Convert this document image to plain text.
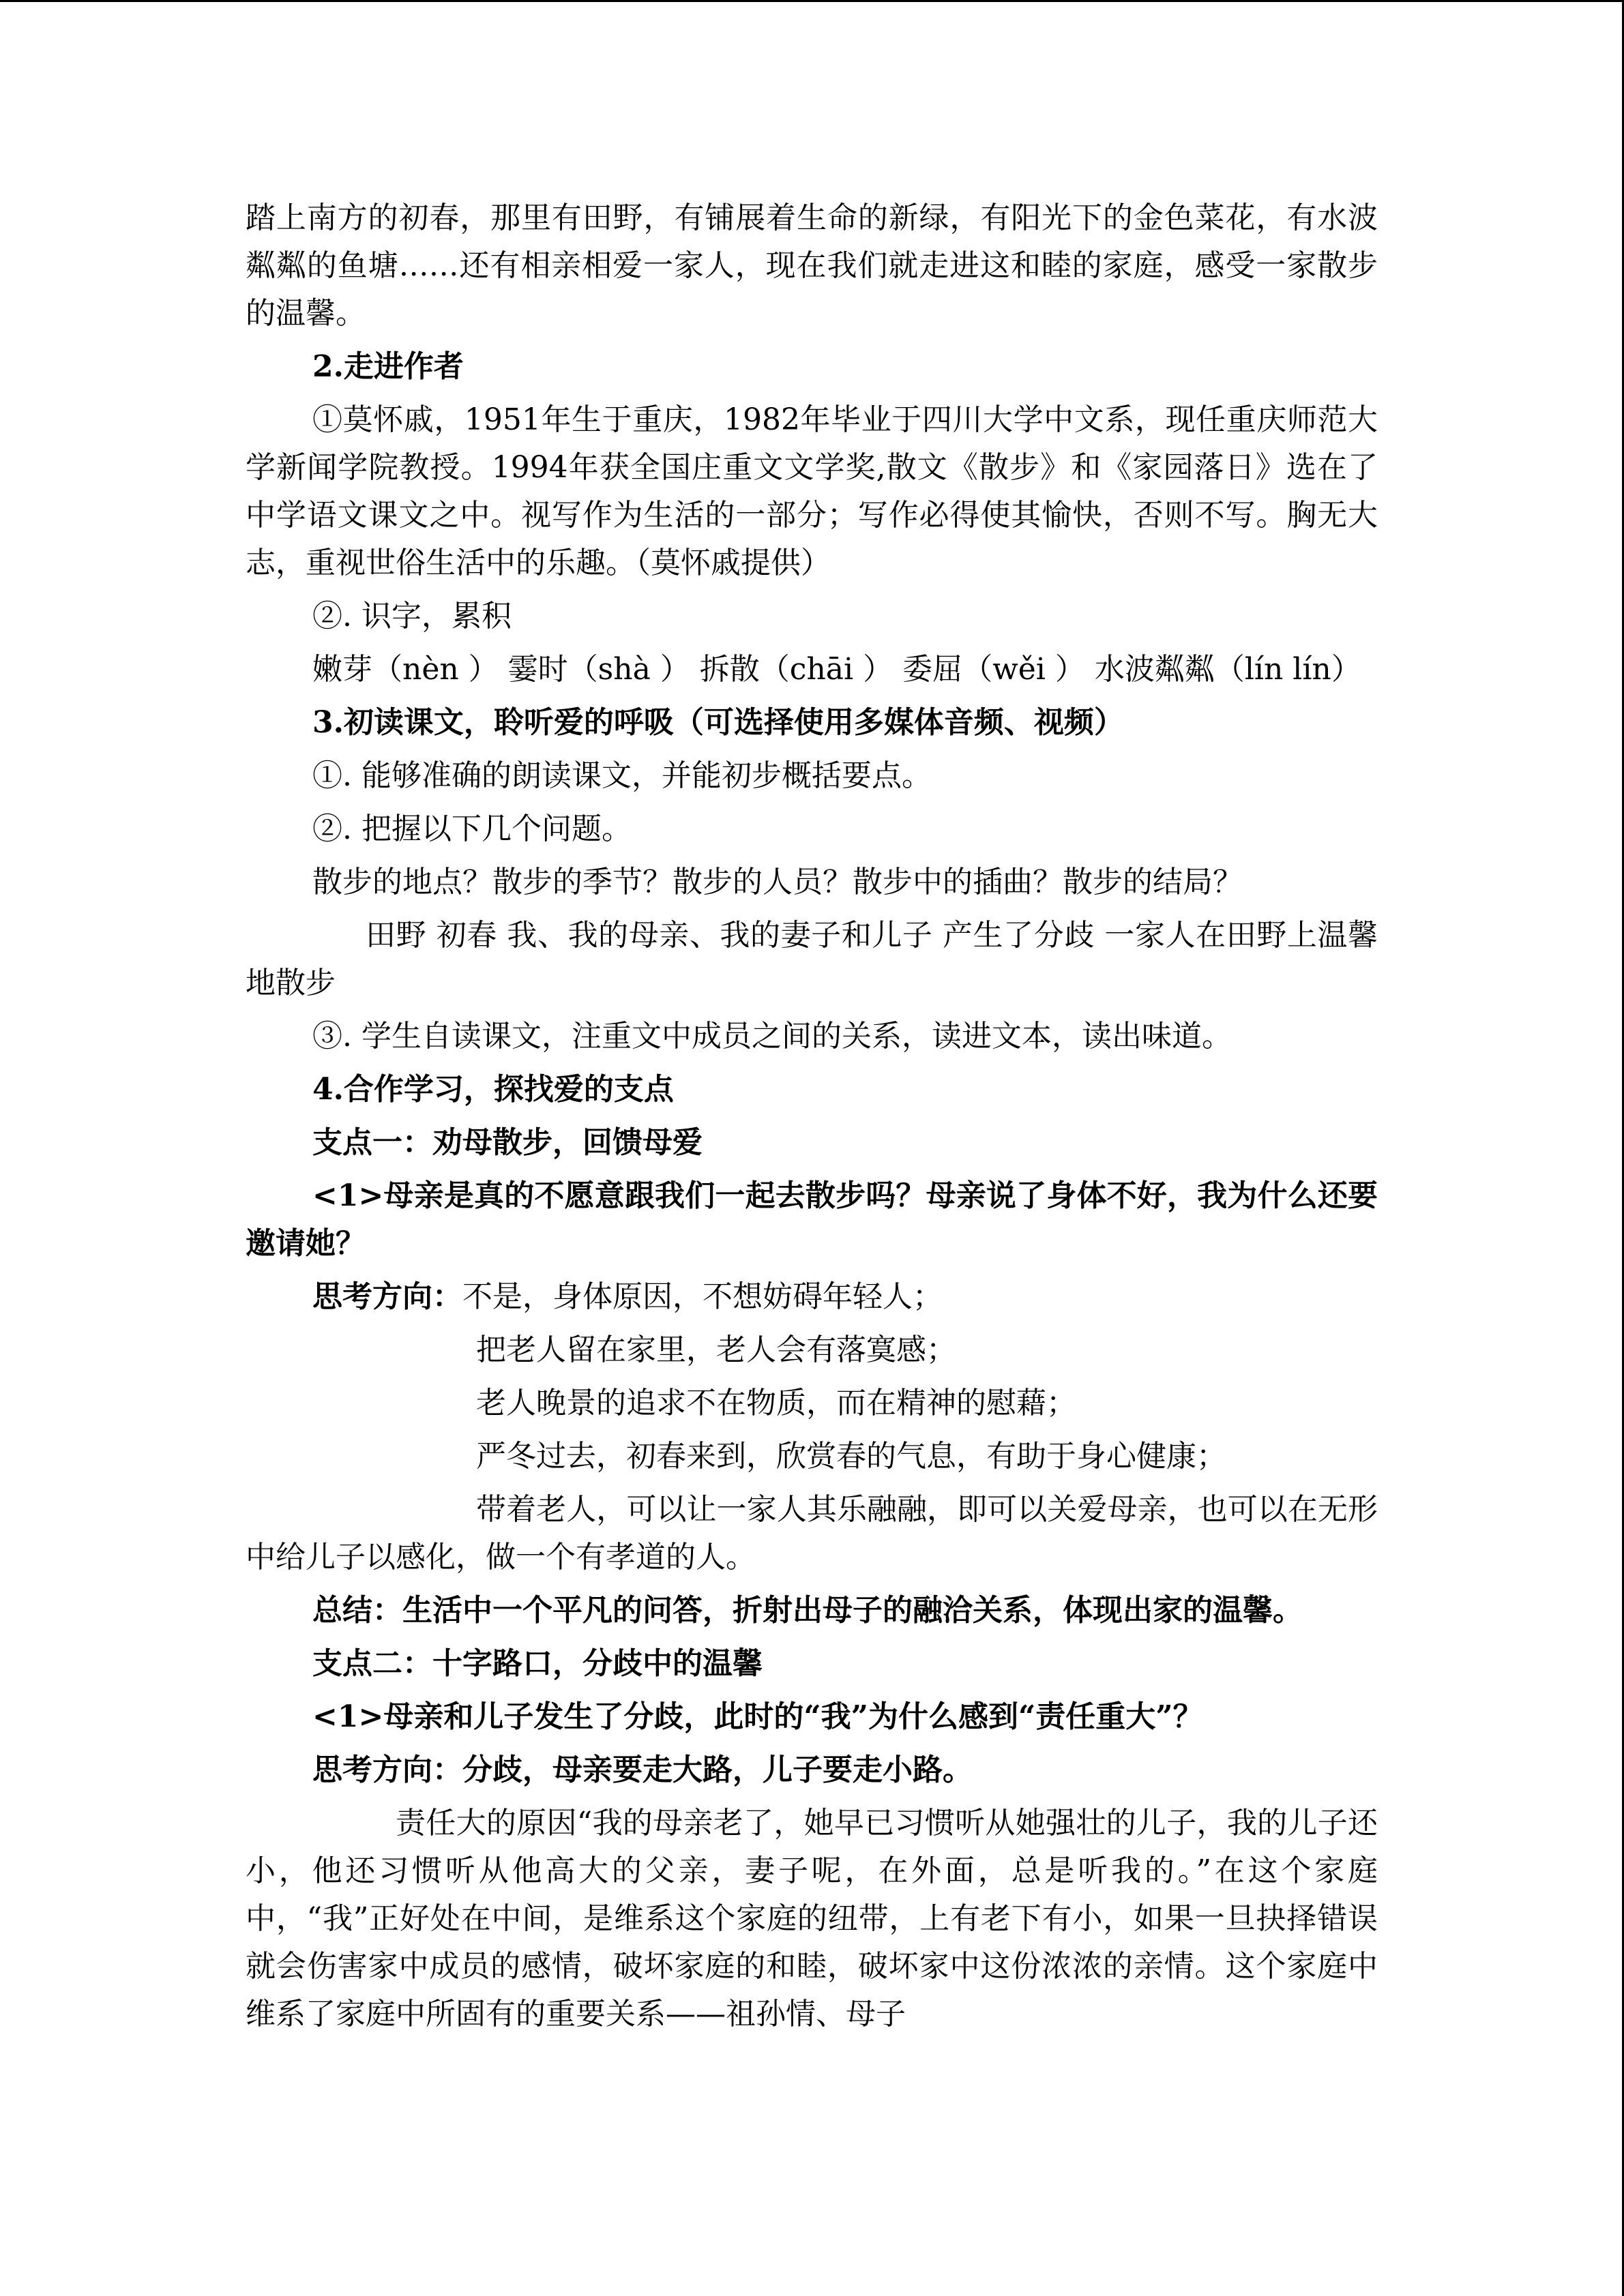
踏上南方的初春，那里有田野，有铺展着生命的新绿，有阳光下的金色菜花，有水波粼粼的鱼塘……还有相亲相爱一家人，现在我们就走进这和睦的家庭，感受一家散步的温馨。

2.走进作者

①莫怀戚，1951年生于重庆，1982年毕业于四川大学中文系，现任重庆师范大学新闻学院教授。1994年获全国庄重文文学奖,散文《散步》和《家园落日》选在了中学语文课文之中。视写作为生活的一部分；写作必得使其愉快，否则不写。胸无大志，重视世俗生活中的乐趣。（莫怀戚提供）

②. 识字，累积

嫩芽（nèn ） 霎时（shà ） 拆散（chāi ） 委屈（wěi ） 水波粼粼（lín lín）

3.初读课文，聆听爱的呼吸（可选择使用多媒体音频、视频）

①. 能够准确的朗读课文，并能初步概括要点。

②. 把握以下几个问题。

散步的地点？散步的季节？散步的人员？散步中的插曲？散步的结局？

田野 初春 我、我的母亲、我的妻子和儿子 产生了分歧 一家人在田野上温馨地散步

③. 学生自读课文，注重文中成员之间的关系，读进文本，读出味道。

4.合作学习，探找爱的支点

支点一：劝母散步，回馈母爱

<1>母亲是真的不愿意跟我们一起去散步吗？母亲说了身体不好，我为什么还要邀请她？

思考方向：不是，身体原因，不想妨碍年轻人；

把老人留在家里，老人会有落寞感；

老人晚景的追求不在物质，而在精神的慰藉；

严冬过去，初春来到，欣赏春的气息，有助于身心健康；

带着老人，可以让一家人其乐融融，即可以关爱母亲，也可以在无形中给儿子以感化，做一个有孝道的人。

总结：生活中一个平凡的问答，折射出母子的融洽关系，体现出家的温馨。

支点二：十字路口，分歧中的温馨

<1>母亲和儿子发生了分歧，此时的“我”为什么感到“责任重大”？

思考方向：分歧，母亲要走大路，儿子要走小路。

责任大的原因“我的母亲老了，她早已习惯听从她强壮的儿子，我的儿子还小，他还习惯听从他高大的父亲，妻子呢，在外面，总是听我的。”在这个家庭中，“我”正好处在中间，是维系这个家庭的纽带，上有老下有小，如果一旦抉择错误就会伤害家中成员的感情，破坏家庭的和睦，破坏家中这份浓浓的亲情。这个家庭中维系了家庭中所固有的重要关系——祖孙情、母子
